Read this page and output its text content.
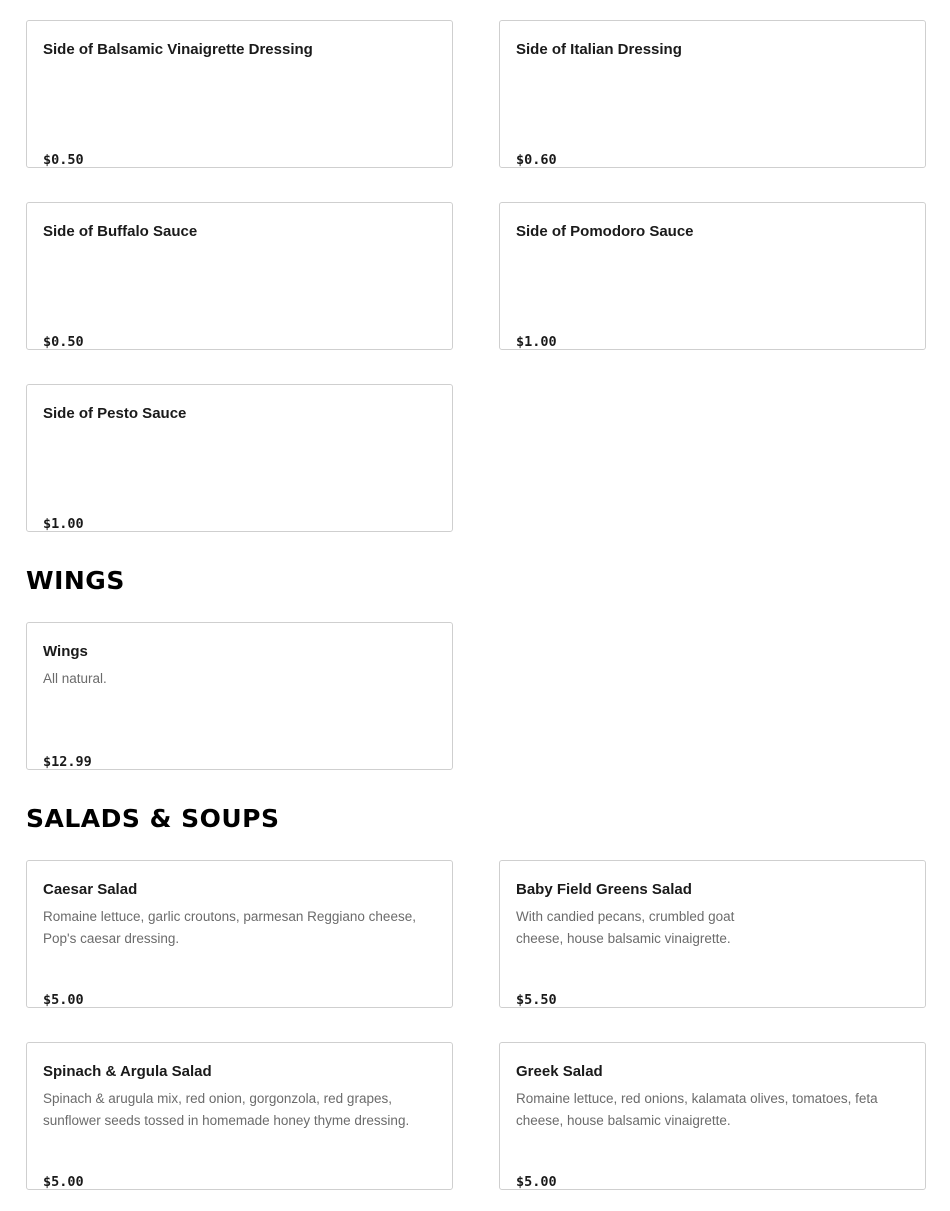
Side of Balsamic Vinaigrette Dressing
$0.50
Side of Italian Dressing
$0.60
Side of Buffalo Sauce
$0.50
Side of Pomodoro Sauce
$1.00
Side of Pesto Sauce
$1.00
WINGS
Wings
All natural.
$12.99
SALADS & SOUPS
Caesar Salad
Romaine lettuce, garlic croutons, parmesan Reggiano cheese, Pop's caesar dressing.
$5.00
Baby Field Greens Salad
With candied pecans, crumbled goat cheese, house balsamic vinaigrette.
$5.50
Spinach & Argula Salad
Spinach & arugula mix, red onion, gorgonzola, red grapes, sunflower seeds tossed in homemade honey thyme dressing.
$5.00
Greek Salad
Romaine lettuce, red onions, kalamata olives, tomatoes, feta cheese, house balsamic vinaigrette.
$5.00
